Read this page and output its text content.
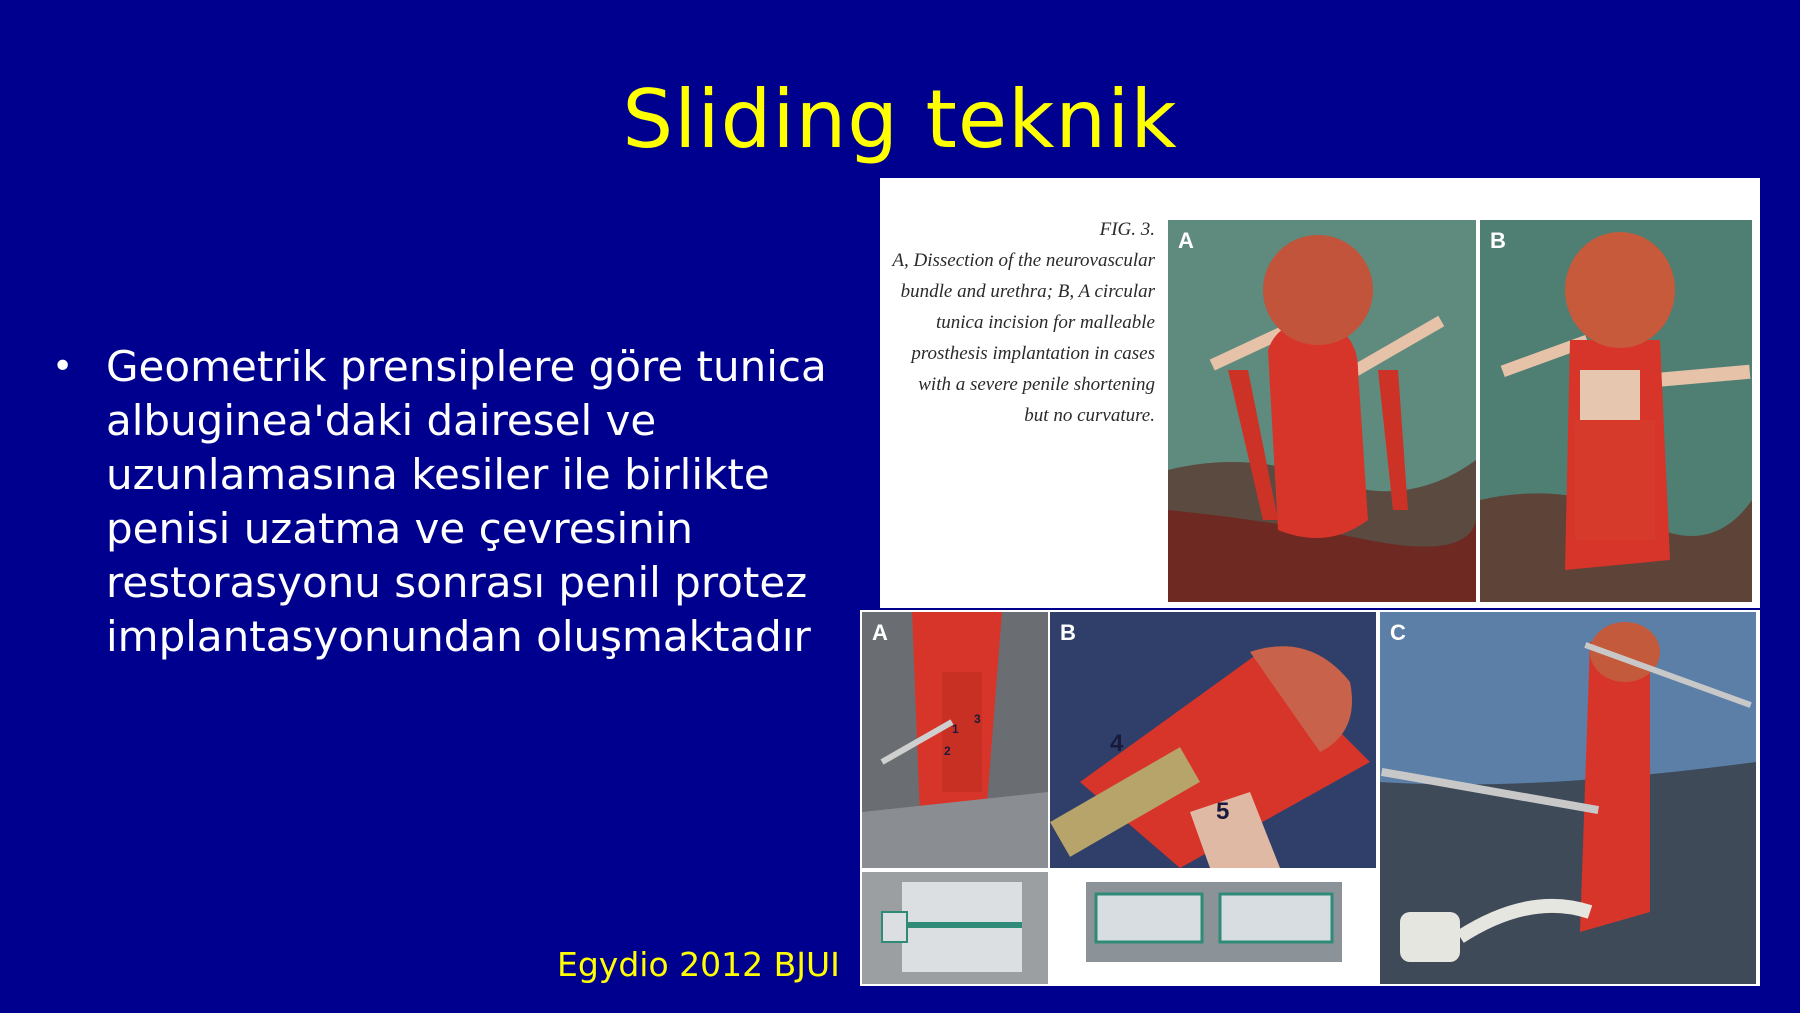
Sliding teknik
• Geometrik prensiplere göre tunica albuginea'daki dairesel ve uzunlamasına kesiler ile birlikte penisi uzatma ve çevresinin restorasyonu sonrası penil protez implantasyonundan oluşmaktadır
FIG. 3.
A, Dissection of the neurovascular bundle and urethra; B, A circular tunica incision for malleable prosthesis implantation in cases with a severe penile shortening but no curvature.
A	B
A
1
2
3
B
4
5
C
Egydio 2012 BJUI
